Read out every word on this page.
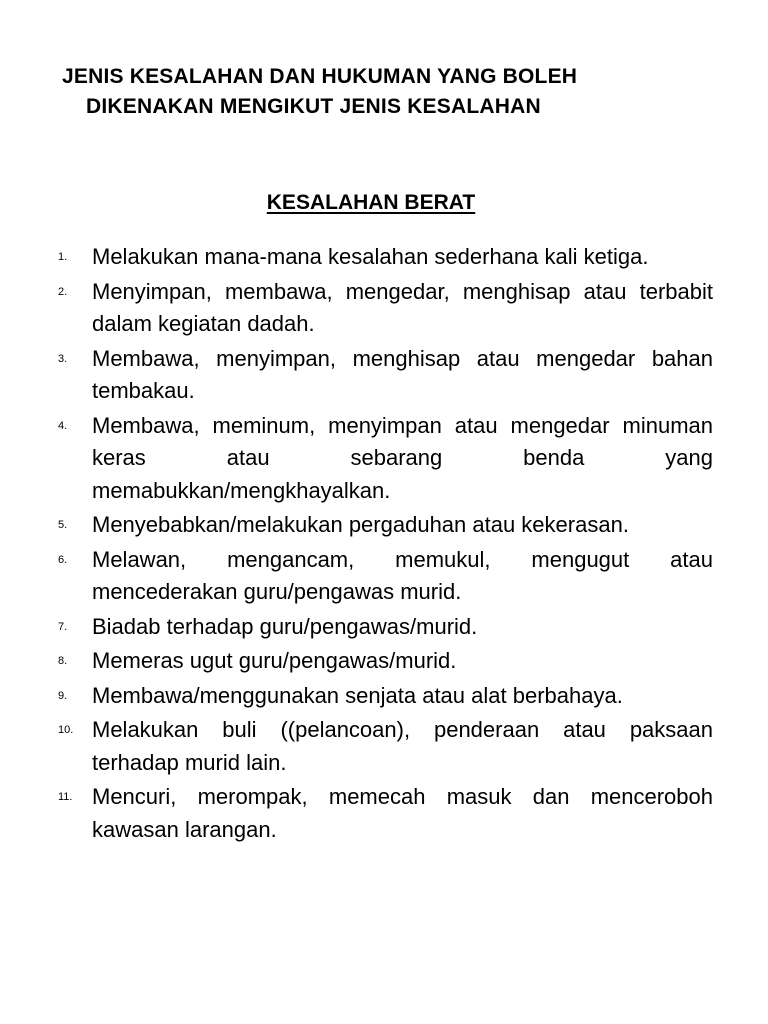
JENIS KESALAHAN DAN HUKUMAN YANG BOLEH
DIKENAKAN MENGIKUT JENIS KESALAHAN
KESALAHAN BERAT
1. Melakukan mana-mana kesalahan sederhana kali ketiga.
2. Menyimpan, membawa, mengedar, menghisap atau terbabit dalam kegiatan dadah.
3. Membawa, menyimpan, menghisap atau mengedar bahan tembakau.
4. Membawa, meminum, menyimpan atau mengedar minuman keras atau sebarang benda yang memabukkan/mengkhayalkan.
5. Menyebabkan/melakukan pergaduhan atau kekerasan.
6. Melawan, mengancam, memukul, mengugut atau mencederakan guru/pengawas murid.
7. Biadab terhadap guru/pengawas/murid.
8. Memeras ugut guru/pengawas/murid.
9. Membawa/menggunakan senjata atau alat berbahaya.
10. Melakukan buli ((pelancoan), penderaan atau paksaan terhadap murid lain.
11. Mencuri, merompak, memecah masuk dan menceroboh kawasan larangan.
